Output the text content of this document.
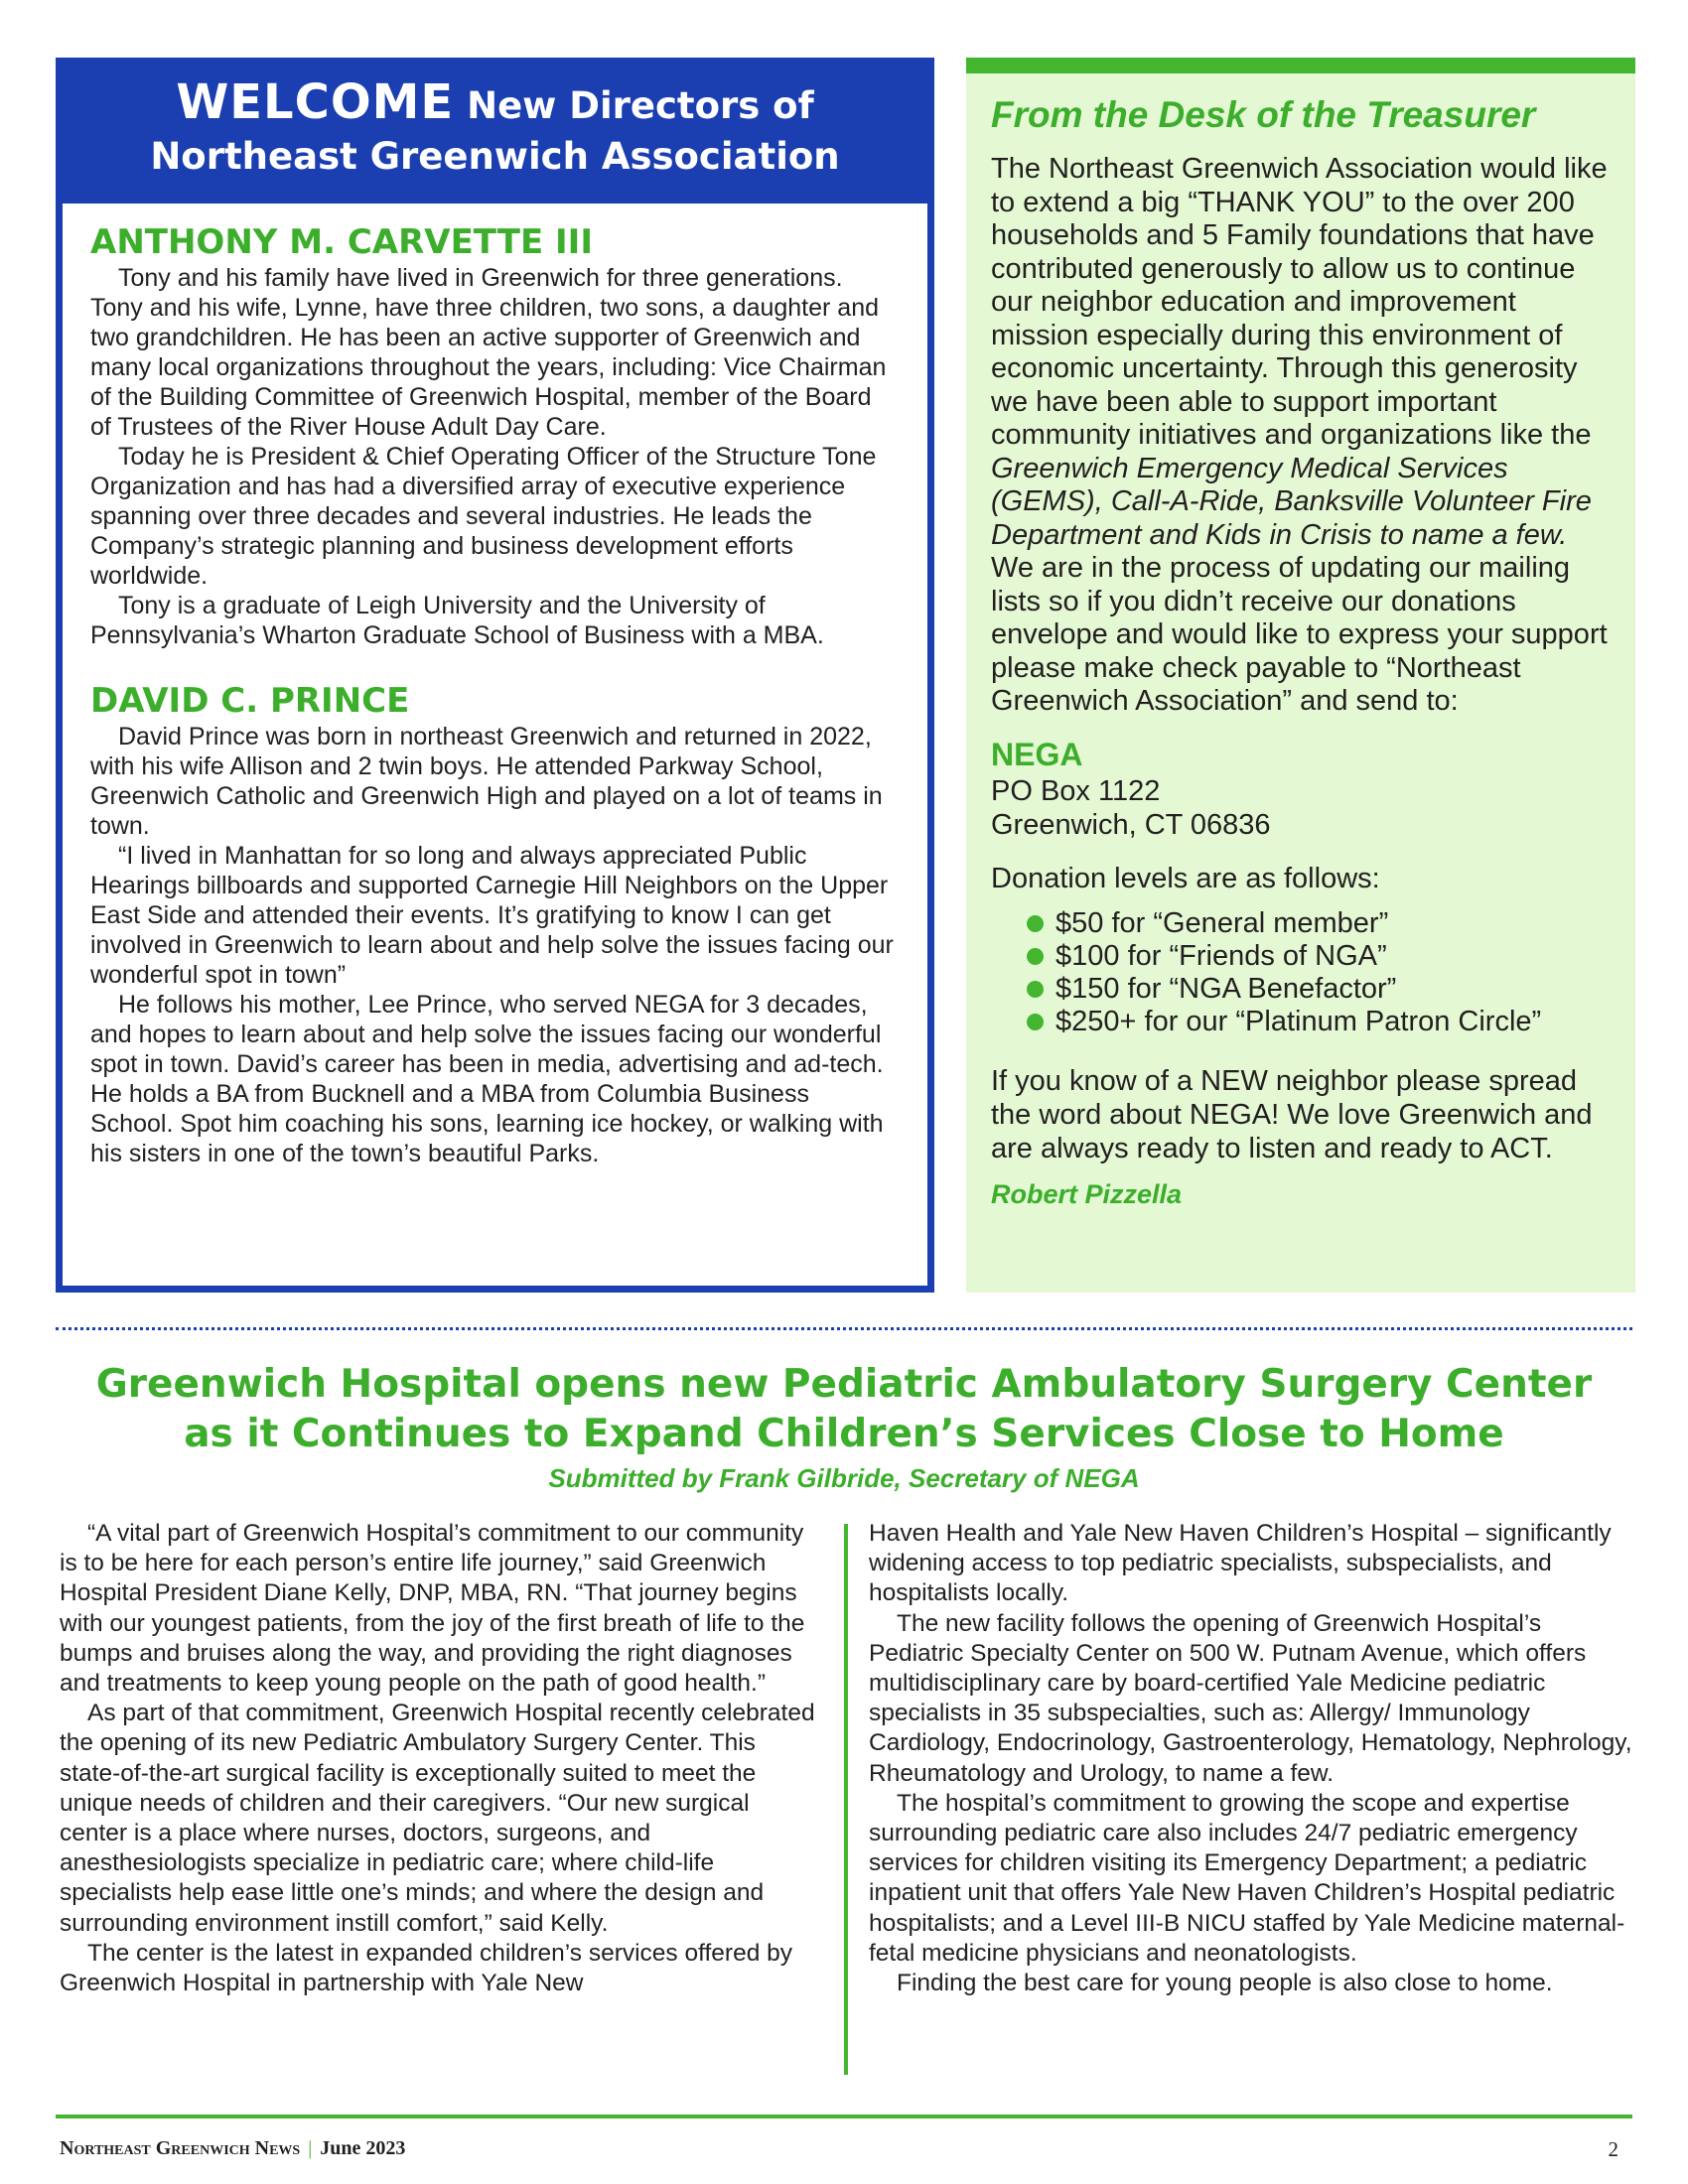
WELCOME New Directors of
Northeast Greenwich Association
ANTHONY M. CARVETTE III

Tony and his family have lived in Greenwich for three generations. Tony and his wife, Lynne, have three children, two sons, a daughter and two grandchildren. He has been an active supporter of Greenwich and many local organizations throughout the years, including: Vice Chairman of the Building Committee of Greenwich Hospital, member of the Board of Trustees of the River House Adult Day Care.

Today he is President & Chief Operating Officer of the Structure Tone Organization and has had a diversified array of executive experience spanning over three decades and several industries. He leads the Company’s strategic planning and business development efforts worldwide.

Tony is a graduate of Leigh University and the University of Pennsylvania’s Wharton Graduate School of Business with a MBA.

DAVID C. PRINCE

David Prince was born in northeast Greenwich and returned in 2022, with his wife Allison and 2 twin boys. He attended Parkway School, Greenwich Catholic and Greenwich High and played on a lot of teams in town.

“I lived in Manhattan for so long and always appreciated Public Hearings billboards and supported Carnegie Hill Neighbors on the Upper East Side and attended their events. It’s gratifying to know I can get involved in Greenwich to learn about and help solve the issues facing our wonderful spot in town”

He follows his mother, Lee Prince, who served NEGA for 3 decades, and hopes to learn about and help solve the issues facing our wonderful spot in town. David’s career has been in media, advertising and ad-tech. He holds a BA from Bucknell and a MBA from Columbia Business School. Spot him coaching his sons, learning ice hockey, or walking with his sisters in one of the town’s beautiful Parks.

From the Desk of the Treasurer

The Northeast Greenwich Association would like to extend a big “THANK YOU” to the over 200 households and 5 Family foundations that have contributed generously to allow us to continue our neighbor education and improvement mission especially during this environment of economic uncertainty. Through this generosity we have been able to support important community initiatives and organizations like the Greenwich Emergency Medical Services (GEMS), Call-A-Ride, Banksville Volunteer Fire Department and Kids in Crisis to name a few. We are in the process of updating our mailing lists so if you didn’t receive our donations envelope and would like to express your support please make check payable to “Northeast Greenwich Association” and send to:

NEGA
PO Box 1122
Greenwich, CT 06836
Donation levels are as follows:
$50 for “General member”
$100 for “Friends of NGA”
$150 for “NGA Benefactor”
$250+ for our “Platinum Patron Circle”

If you know of a NEW neighbor please spread the word about NEGA! We love Greenwich and are always ready to listen and ready to ACT.

Robert Pizzella
Greenwich Hospital opens new Pediatric Ambulatory Surgery Center
as it Continues to Expand Children’s Services Close to Home
Submitted by Frank Gilbride, Secretary of NEGA

“A vital part of Greenwich Hospital’s commitment to our community is to be here for each person’s entire life journey,” said Greenwich Hospital President Diane Kelly, DNP, MBA, RN. “That journey begins with our youngest patients, from the joy of the first breath of life to the bumps and bruises along the way, and providing the right diagnoses and treatments to keep young people on the path of good health.”

As part of that commitment, Greenwich Hospital recently celebrated the opening of its new Pediatric Ambulatory Surgery Center. This state-of-the-art surgical facility is exceptionally suited to meet the unique needs of children and their caregivers. “Our new surgical center is a place where nurses, doctors, surgeons, and anesthesiologists specialize in pediatric care; where child-life specialists help ease little one’s minds; and where the design and surrounding environment instill comfort,” said Kelly.

The center is the latest in expanded children’s services offered by Greenwich Hospital in partnership with Yale New

Haven Health and Yale New Haven Children’s Hospital – significantly widening access to top pediatric specialists, subspecialists, and hospitalists locally.

The new facility follows the opening of Greenwich Hospital’s Pediatric Specialty Center on 500 W. Putnam Avenue, which offers multidisciplinary care by board-certified Yale Medicine pediatric specialists in 35 subspecialties, such as: Allergy/ Immunology Cardiology, Endocrinology, Gastroenterology, Hematology, Nephrology, Rheumatology and Urology, to name a few.

The hospital’s commitment to growing the scope and expertise surrounding pediatric care also includes 24/7 pediatric emergency services for children visiting its Emergency Department; a pediatric inpatient unit that offers Yale New Haven Children’s Hospital pediatric hospitalists; and a Level III-B NICU staffed by Yale Medicine maternal-fetal medicine physicians and neonatologists.

Finding the best care for young people is also close to home.

Northeast Greenwich News | June 2023	2
